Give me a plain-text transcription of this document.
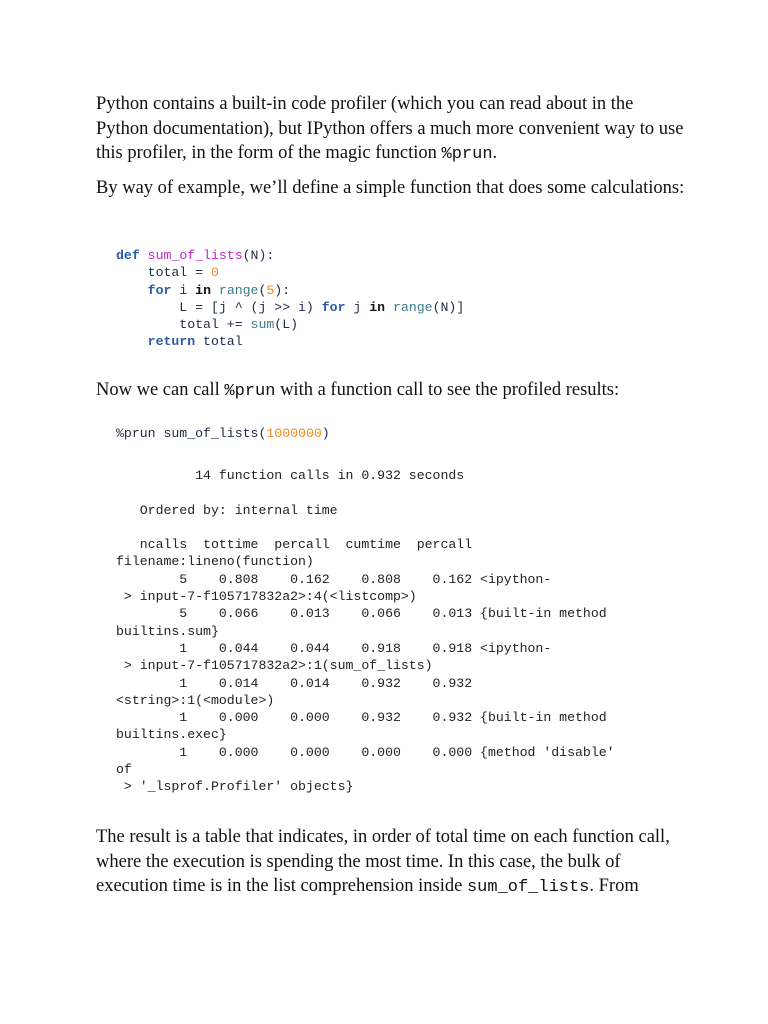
Python contains a built-in code profiler (which you can read about in the Python documentation), but IPython offers a much more convenient way to use this profiler, in the form of the magic function %prun.

By way of example, we’ll define a simple function that does some calculations:

def sum_of_lists(N):
total = 0
for i in range(5):
L = [j ^ (j >> i) for j in range(N)]
total += sum(L)
return total

Now we can call %prun with a function call to see the profiled results:

%prun sum_of_lists(1000000)
14 function calls in 0.932 seconds

Ordered by: internal time

ncalls  tottime  percall  cumtime  percall
filename:lineno(function)
5    0.808    0.162    0.808    0.162 <ipython-
> input-7-f105717832a2>:4(<listcomp>)
5    0.066    0.013    0.066    0.013 {built-in method
builtins.sum}
1    0.044    0.044    0.918    0.918 <ipython-
> input-7-f105717832a2>:1(sum_of_lists)
1    0.014    0.014    0.932    0.932
<string>:1(<module>)
1    0.000    0.000    0.932    0.932 {built-in method
builtins.exec}
1    0.000    0.000    0.000    0.000 {method 'disable'
of
> '_lsprof.Profiler' objects}

The result is a table that indicates, in order of total time on each function call, where the execution is spending the most time. In this case, the bulk of execution time is in the list comprehension inside sum_of_lists. From
